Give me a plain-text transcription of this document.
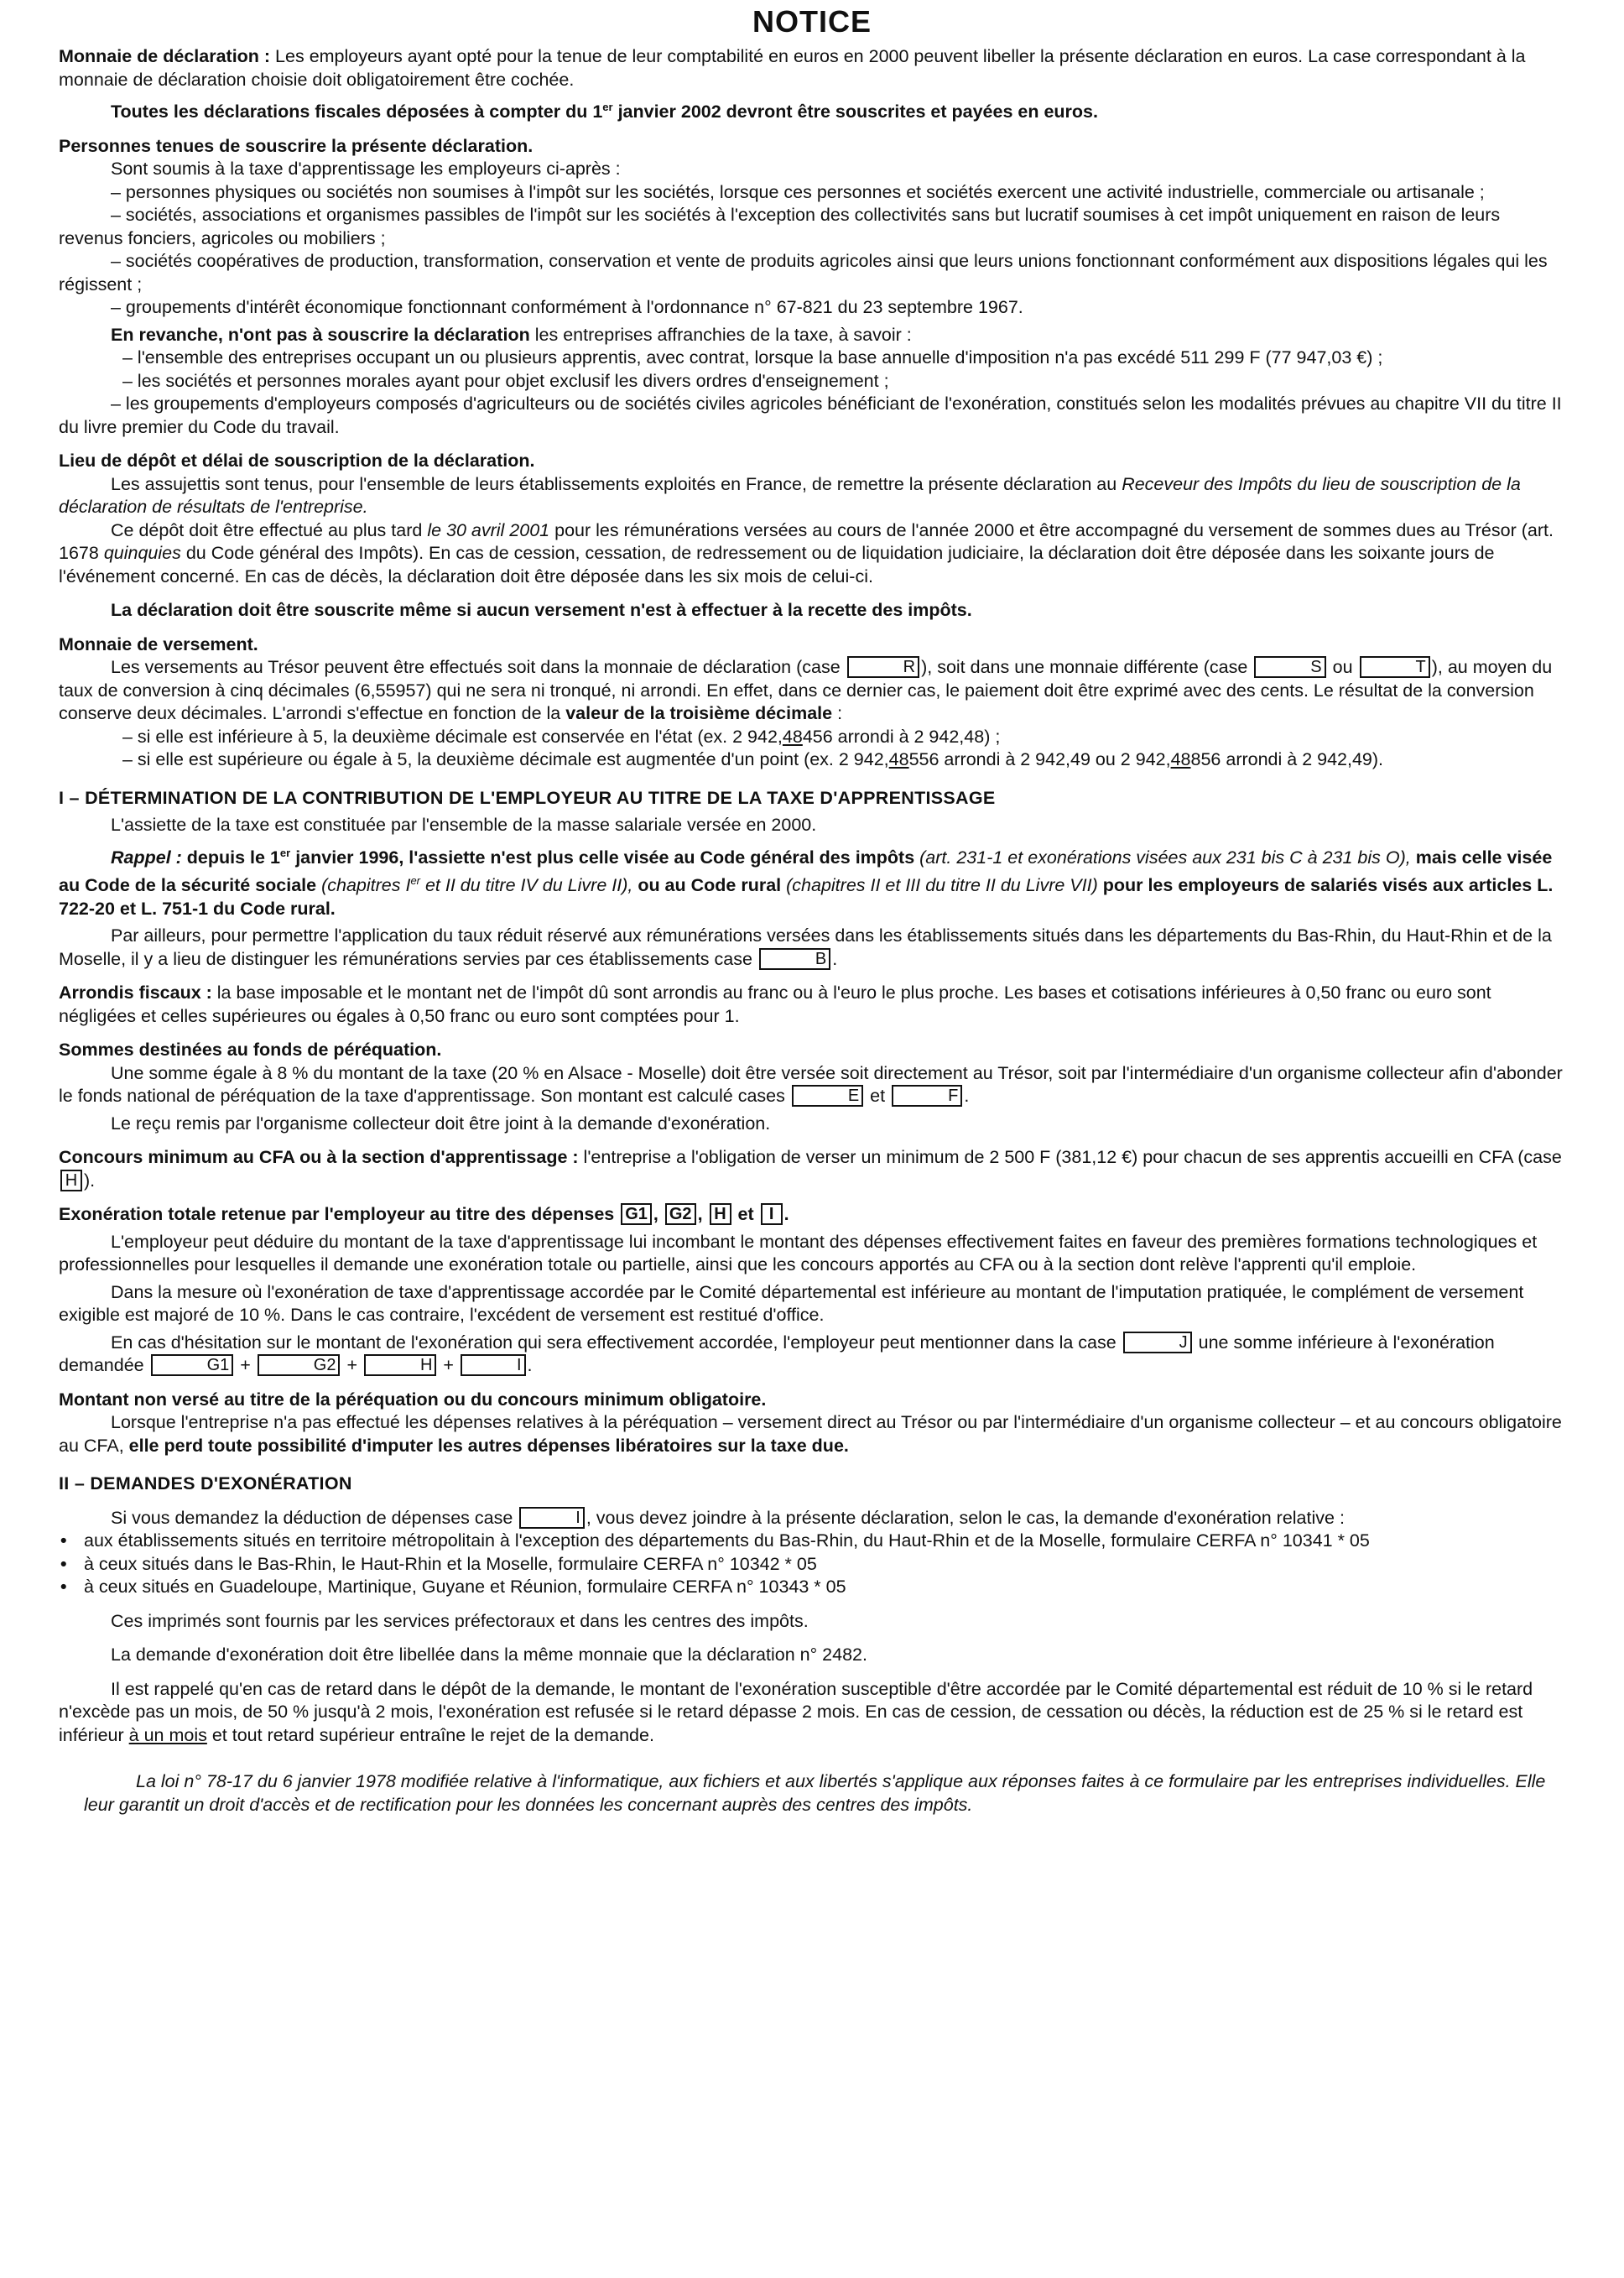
NOTICE

Monnaie de déclaration : Les employeurs ayant opté pour la tenue de leur comptabilité en euros en 2000 peuvent libeller la présente déclaration en euros. La case correspondant à la monnaie de déclaration choisie doit obligatoirement être cochée.

Toutes les déclarations fiscales déposées à compter du 1er janvier 2002 devront être souscrites et payées en euros.

Personnes tenues de souscrire la présente déclaration.

Sont soumis à la taxe d'apprentissage les employeurs ci-après :

– personnes physiques ou sociétés non soumises à l'impôt sur les sociétés, lorsque ces personnes et sociétés exercent une activité industrielle, commerciale ou artisanale ;

– sociétés, associations et organismes passibles de l'impôt sur les sociétés à l'exception des collectivités sans but lucratif soumises à cet impôt uniquement en raison de leurs revenus fonciers, agricoles ou mobiliers ;

– sociétés coopératives de production, transformation, conservation et vente de produits agricoles ainsi que leurs unions fonctionnant conformément aux dispositions légales qui les régissent ;

– groupements d'intérêt économique fonctionnant conformément à l'ordonnance n° 67-821 du 23 septembre 1967.

En revanche, n'ont pas à souscrire la déclaration les entreprises affranchies de la taxe, à savoir :

– l'ensemble des entreprises occupant un ou plusieurs apprentis, avec contrat, lorsque la base annuelle d'imposition n'a pas excédé 511 299 F (77 947,03 €) ;

– les sociétés et personnes morales ayant pour objet exclusif les divers ordres d'enseignement ;

– les groupements d'employeurs composés d'agriculteurs ou de sociétés civiles agricoles bénéficiant de l'exonération, constitués selon les modalités prévues au chapitre VII du titre II du livre premier du Code du travail.

Lieu de dépôt et délai de souscription de la déclaration.

Les assujettis sont tenus, pour l'ensemble de leurs établissements exploités en France, de remettre la présente déclaration au Receveur des Impôts du lieu de souscription de la déclaration de résultats de l'entreprise.

Ce dépôt doit être effectué au plus tard le 30 avril 2001 pour les rémunérations versées au cours de l'année 2000 et être accompagné du versement de sommes dues au Trésor (art. 1678 quinquies du Code général des Impôts). En cas de cession, cessation, de redressement ou de liquidation judiciaire, la déclaration doit être déposée dans les soixante jours de l'événement concerné. En cas de décès, la déclaration doit être déposée dans les six mois de celui-ci.

La déclaration doit être souscrite même si aucun versement n'est à effectuer à la recette des impôts.

Monnaie de versement.

Les versements au Trésor peuvent être effectués soit dans la monnaie de déclaration (case	R ), soit dans une monnaie différente (case	S ou	T ), au moyen du taux de conversion à cinq décimales (6,55957) qui ne sera ni tronqué, ni arrondi. En effet, dans ce dernier cas, le paiement doit être exprimé avec des cents. Le résultat de la conversion conserve deux décimales. L'arrondi s'effectue en fonction de la valeur de la troisième décimale :

– si elle est inférieure à 5, la deuxième décimale est conservée en l'état (ex. 2 942,48456 arrondi à 2 942,48) ;

– si elle est supérieure ou égale à 5, la deuxième décimale est augmentée d'un point (ex. 2 942,48556 arrondi à 2 942,49 ou 2 942,48856 arrondi à 2 942,49).

I – DÉTERMINATION DE LA CONTRIBUTION DE L'EMPLOYEUR AU TITRE DE LA TAXE D'APPRENTISSAGE

L'assiette de la taxe est constituée par l'ensemble de la masse salariale versée en 2000.

Rappel : depuis le 1er janvier 1996, l'assiette n'est plus celle visée au Code général des impôts (art. 231-1 et exonérations visées aux 231 bis C à 231 bis O), mais celle visée au Code de la sécurité sociale (chapitres Ier et II du titre IV du Livre II), ou au Code rural (chapitres II et III du titre II du Livre VII) pour les employeurs de salariés visés aux articles L. 722-20 et L. 751-1 du Code rural.

Par ailleurs, pour permettre l'application du taux réduit réservé aux rémunérations versées dans les établissements situés dans les départements du Bas-Rhin, du Haut-Rhin et de la Moselle, il y a lieu de distinguer les rémunérations servies par ces établissements case	B .

Arrondis fiscaux : la base imposable et le montant net de l'impôt dû sont arrondis au franc ou à l'euro le plus proche. Les bases et cotisations inférieures à 0,50 franc ou euro sont négligées et celles supérieures ou égales à 0,50 franc ou euro sont comptées pour 1.

Sommes destinées au fonds de péréquation.

Une somme égale à 8 % du montant de la taxe (20 % en Alsace - Moselle) doit être versée soit directement au Trésor, soit par l'intermédiaire d'un organisme collecteur afin d'abonder le fonds national de péréquation de la taxe d'apprentissage. Son montant est calculé cases	E et	F .

Le reçu remis par l'organisme collecteur doit être joint à la demande d'exonération.

Concours minimum au CFA ou à la section d'apprentissage : l'entreprise a l'obligation de verser un minimum de 2 500 F (381,12 €) pour chacun de ses apprentis accueilli en CFA (case H ).

Exonération totale retenue par l'employeur au titre des dépenses G1 , G2 , H et I .

L'employeur peut déduire du montant de la taxe d'apprentissage lui incombant le montant des dépenses effectivement faites en faveur des premières formations technologiques et professionnelles pour lesquelles il demande une exonération totale ou partielle, ainsi que les concours apportés au CFA ou à la section dont relève l'apprenti qu'il emploie.

Dans la mesure où l'exonération de taxe d'apprentissage accordée par le Comité départemental est inférieure au montant de l'imputation pratiquée, le complément de versement exigible est majoré de 10 %. Dans le cas contraire, l'excédent de versement est restitué d'office.

En cas d'hésitation sur le montant de l'exonération qui sera effectivement accordée, l'employeur peut mentionner dans la case	J une somme inférieure à l'exonération demandée	G1 +	G2 +	H +	I .

Montant non versé au titre de la péréquation ou du concours minimum obligatoire.

Lorsque l'entreprise n'a pas effectué les dépenses relatives à la péréquation – versement direct au Trésor ou par l'intermédiaire d'un organisme collecteur – et au concours obligatoire au CFA, elle perd toute possibilité d'imputer les autres dépenses libératoires sur la taxe due.

II – DEMANDES D'EXONÉRATION

Si vous demandez la déduction de dépenses case	I , vous devez joindre à la présente déclaration, selon le cas, la demande d'exonération relative :

• aux établissements situés en territoire métropolitain à l'exception des départements du Bas-Rhin, du Haut-Rhin et de la Moselle, formulaire CERFA n° 10341 * 05

• à ceux situés dans le Bas-Rhin, le Haut-Rhin et la Moselle, formulaire CERFA n° 10342 * 05

• à ceux situés en Guadeloupe, Martinique, Guyane et Réunion, formulaire CERFA n° 10343 * 05

Ces imprimés sont fournis par les services préfectoraux et dans les centres des impôts.

La demande d'exonération doit être libellée dans la même monnaie que la déclaration n° 2482.

Il est rappelé qu'en cas de retard dans le dépôt de la demande, le montant de l'exonération susceptible d'être accordée par le Comité départemental est réduit de 10 % si le retard n'excède pas un mois, de 50 % jusqu'à 2 mois, l'exonération est refusée si le retard dépasse 2 mois. En cas de cession, de cessation ou décès, la réduction est de 25 % si le retard est inférieur à un mois et tout retard supérieur entraîne le rejet de la demande.

La loi n° 78-17 du 6 janvier 1978 modifiée relative à l'informatique, aux fichiers et aux libertés s'applique aux réponses faites à ce formulaire par les entreprises individuelles. Elle leur garantit un droit d'accès et de rectification pour les données les concernant auprès des centres des impôts.
